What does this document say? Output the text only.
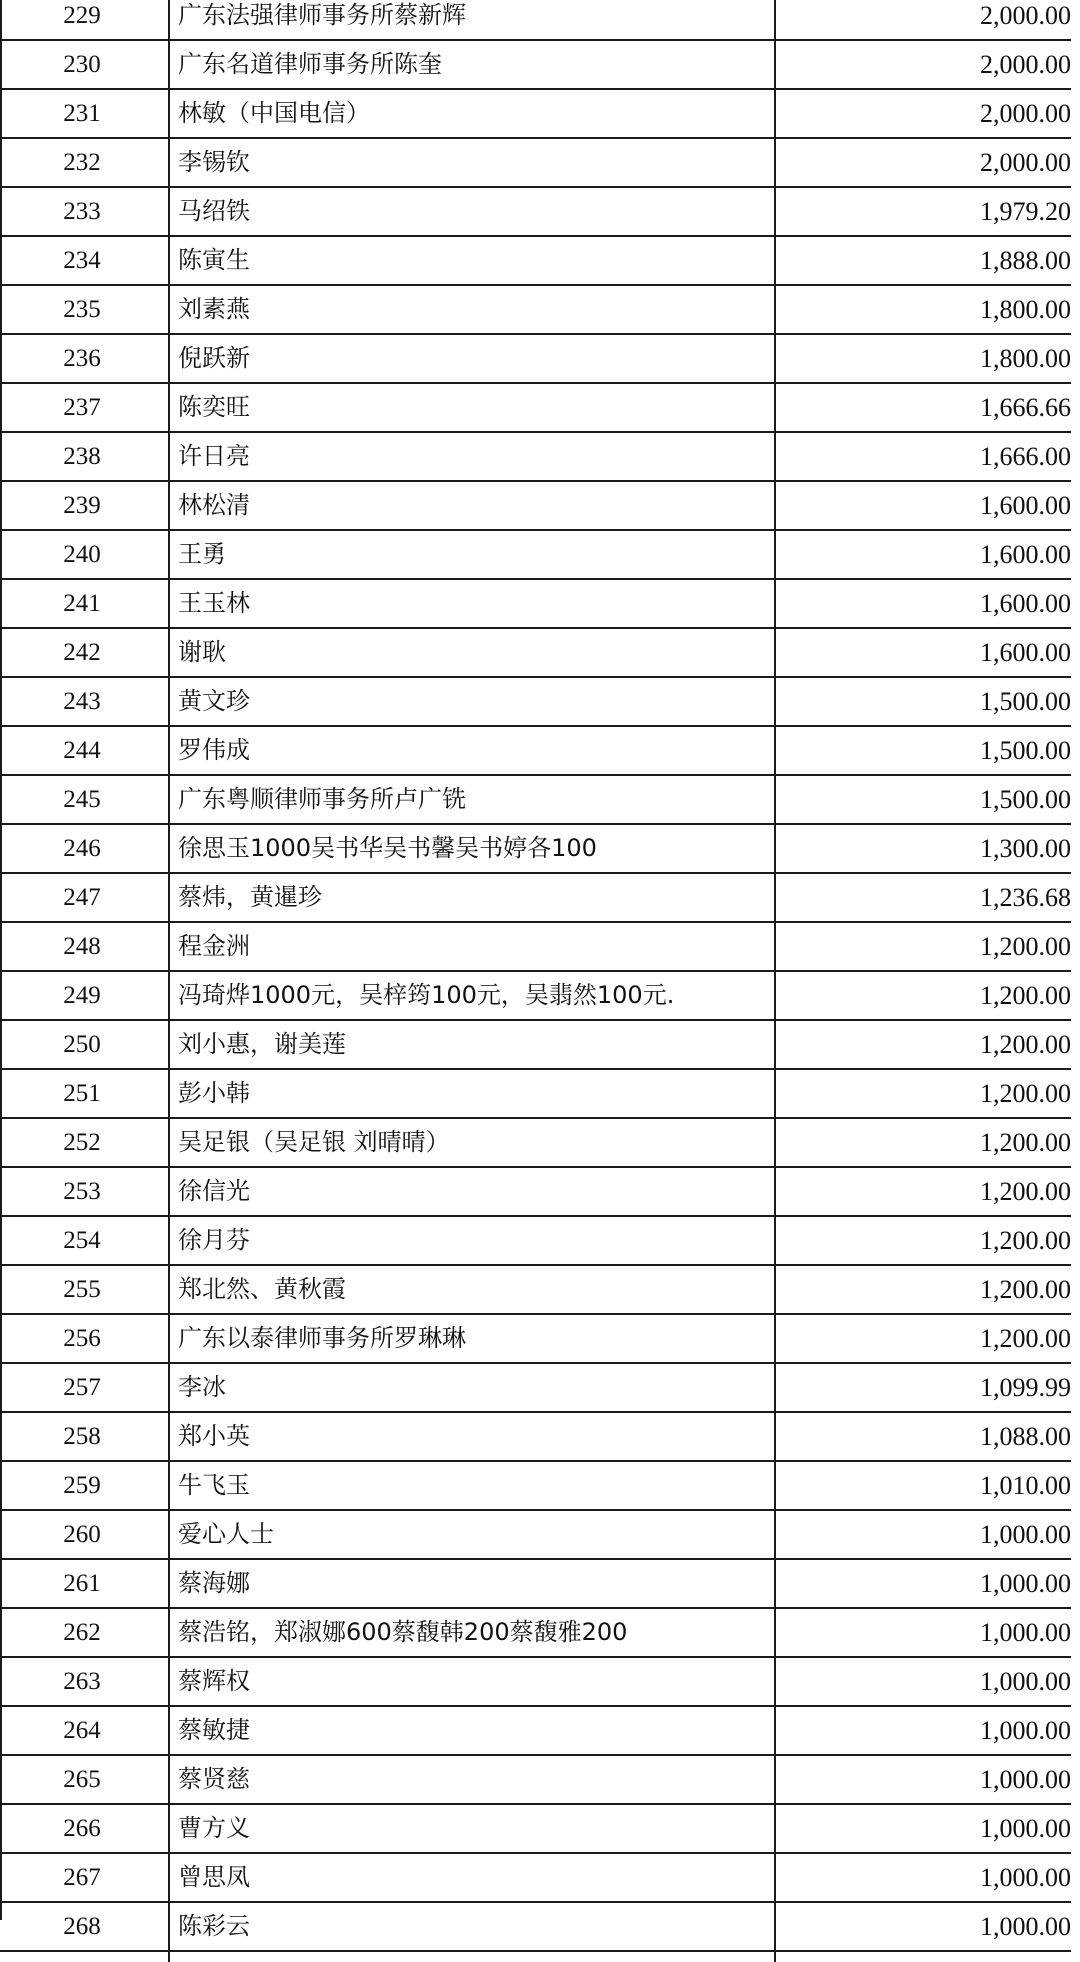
229	广东法强律师事务所蔡新辉	2,000.00
230	广东名道律师事务所陈奎	2,000.00
231	林敏（中国电信）	2,000.00
232	李锡钦	2,000.00
233	马绍铁	1,979.20
234	陈寅生	1,888.00
235	刘素燕	1,800.00
236	倪跃新	1,800.00
237	陈奕旺	1,666.66
238	许日亮	1,666.00
239	林松清	1,600.00
240	王勇	1,600.00
241	王玉林	1,600.00
242	谢耿	1,600.00
243	黄文珍	1,500.00
244	罗伟成	1,500.00
245	广东粤顺律师事务所卢广铣	1,500.00
246	徐思玉1000吴书华吴书馨吴书婷各100	1,300.00
247	蔡炜，黄暹珍	1,236.68
248	程金洲	1,200.00
249	冯琦烨1000元，吴梓筠100元，吴翡然100元.	1,200.00
250	刘小惠，谢美莲	1,200.00
251	彭小韩	1,200.00
252	吴足银（吴足银 刘晴晴）	1,200.00
253	徐信光	1,200.00
254	徐月芬	1,200.00
255	郑北然、黄秋霞	1,200.00
256	广东以泰律师事务所罗琳琳	1,200.00
257	李冰	1,099.99
258	郑小英	1,088.00
259	牛飞玉	1,010.00
260	爱心人士	1,000.00
261	蔡海娜	1,000.00
262	蔡浩铭，郑淑娜600蔡馥韩200蔡馥雅200	1,000.00
263	蔡辉权	1,000.00
264	蔡敏捷	1,000.00
265	蔡贤慈	1,000.00
266	曹方义	1,000.00
267	曾思凤	1,000.00
268	陈彩云	1,000.00
